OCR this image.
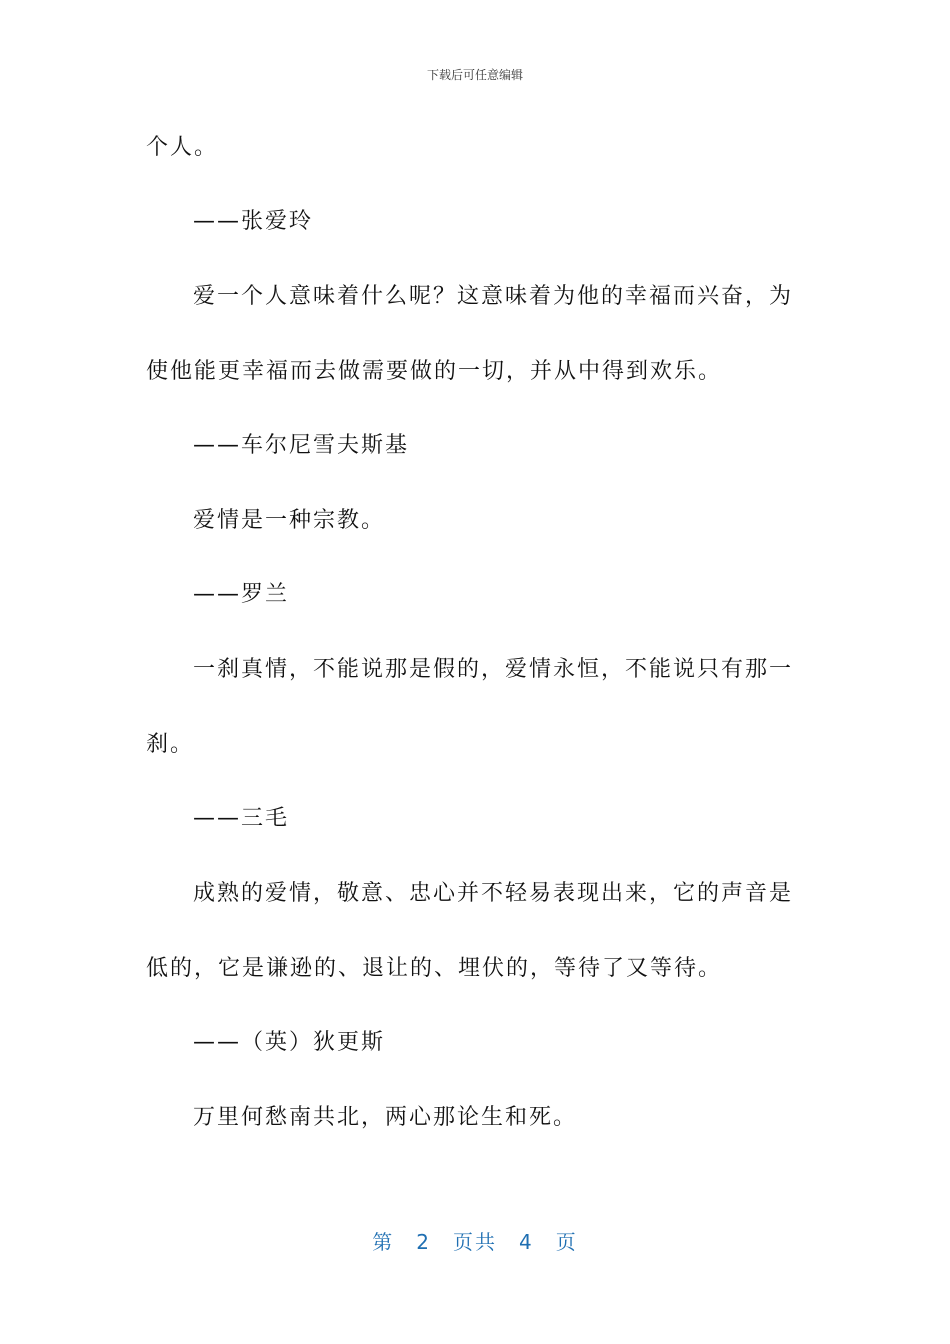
下载后可任意编辑
个人。
——张爱玲
爱一个人意味着什么呢？这意味着为他的幸福而兴奋，为
使他能更幸福而去做需要做的一切，并从中得到欢乐。
——车尔尼雪夫斯基
爱情是一种宗教。
——罗兰
一刹真情，不能说那是假的，爱情永恒，不能说只有那一
刹。
——三毛
成熟的爱情，敬意、忠心并不轻易表现出来，它的声音是
低的，它是谦逊的、退让的、埋伏的，等待了又等待。
——（英）狄更斯
万里何愁南共北，两心那论生和死。
第 2 页共 4 页
